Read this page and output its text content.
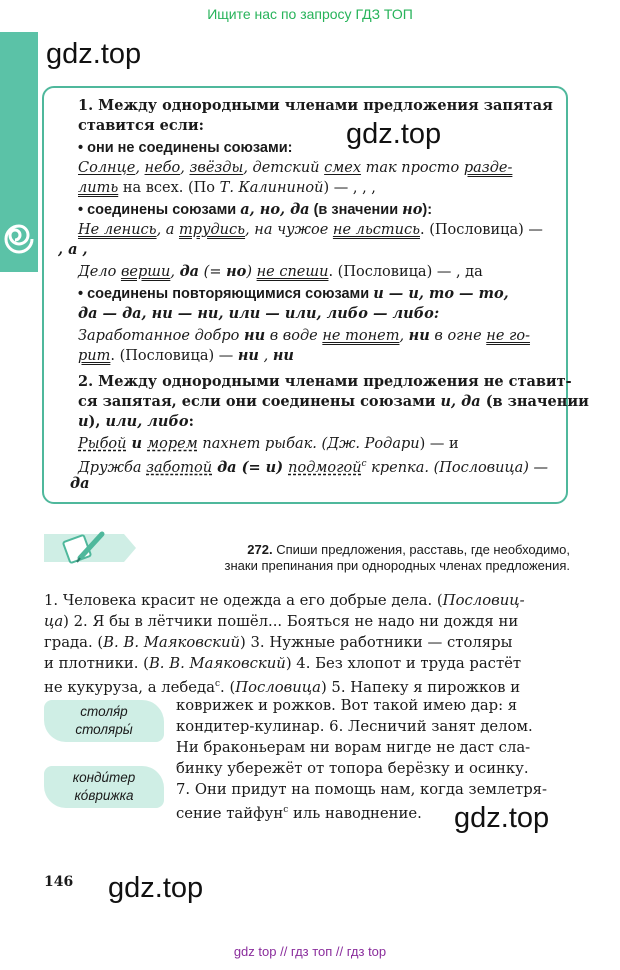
Ищите нас по запросу ГДЗ ТОП
gdz.top
gdz.top
gdz.top
gdz.top
1. Между однородными членами предложения запятая
ставится если:
• они не соединены союзами:
Солнце, небо, звёзды, детский смех так просто разде-
лить на всех. (По Т. Калининой) — , , ,
• соединены союзами а, но, да (в значении но):
Не ленись, а трудись, на чужое не льстись. (Пословица) —
, а ,
Дело верши, да (= но) не спеши. (Пословица) — , да
• соединены повторяющимися союзами и — и, то — то,
да — да, ни — ни, или — или, либо — либо:
Заработанное добро ни в воде не тонет, ни в огне не го-
рит. (Пословица) — ни , ни
2. Между однородными членами предложения не ставит-
ся запятая, если они соединены союзами и, да (в значении
и), или, либо:
Рыбой и морем пахнет рыбак. (Дж. Родари) — и
Дружба заботой да (= и) подмогой$^с$ крепка. (Пословица) —
да
272. Спиши предложения, расставь, где необходимо,
знаки препинания при однородных членах предложения.
1. Человека красит не одежда а его добрые дела. (Пословиц-
ца) 2. Я бы в лётчики пошёл... Бояться не надо ни дождя ни
града. (В. В. Маяковский) 3. Нужные работники — столяры
и плотники. (В. В. Маяковский) 4. Без хлопот и труда растёт
не кукуруза, а лебеда$^с$. (Пословица) 5. Напеку я пирожков и
коврижек и рожков. Вот такой имею дар: я
кондитер-кулинар. 6. Лесничий занят делом.
Ни браконьерам ни ворам нигде не даст сла-
бинку убережёт от топора берёзку и осинку.
7. Они придут на помощь нам, когда землетря-
сение тайфун$^с$ иль наводнение.
столя́р
столяры́
конди́тер
ко́врижка
146
gdz top // гдз топ // гдз top
